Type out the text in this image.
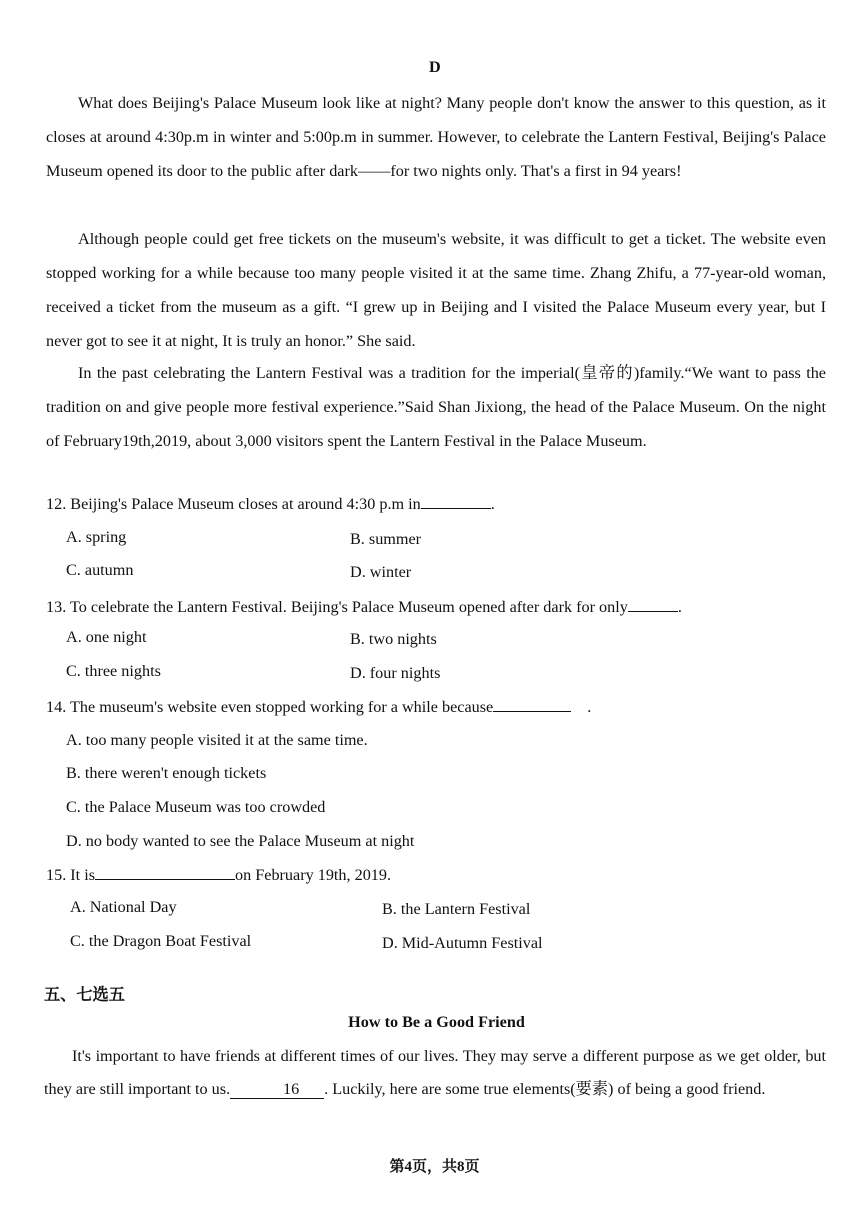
D
What does Beijing's Palace Museum look like at night? Many people don't know the answer to this question, as it closes at around 4:30p.m in winter and 5:00p.m in summer. However, to celebrate the Lantern Festival, Beijing's Palace Museum opened its door to the public after dark——for two nights only. That's a first in 94 years!
Although people could get free tickets on the museum's website, it was difficult to get a ticket. The website even stopped working for a while because too many people visited it at the same time. Zhang Zhifu, a 77-year-old woman, received a ticket from the museum as a gift. “I grew up in Beijing and I visited the Palace Museum every year, but I never got to see it at night, It is truly an honor.” She said.
In the past celebrating the Lantern Festival was a tradition for the imperial(皇帝的)family.“We want to pass the tradition on and give people more festival experience.”Said Shan Jixiong, the head of the Palace Museum. On the night of February19th,2019, about 3,000 visitors spent the Lantern Festival in the Palace Museum.
12. Beijing's Palace Museum closes at around 4:30 p.m in	.
A. spring	B. summer
C. autumn	D. winter
13. To celebrate the Lantern Festival. Beijing's Palace Museum opened after dark for only	.
A. one night	B. two nights
C. three nights	D. four nights
14. The museum's website even stopped working for a while because	.
A. too many people visited it at the same time.
B. there weren't enough tickets
C. the Palace Museum was too crowded
D. no body wanted to see the Palace Museum at night
15. It is	on February 19th, 2019.
A. National Day	B. the Lantern Festival
C. the Dragon Boat Festival	D. Mid-Autumn Festival
五、七选五
How to Be a Good Friend
It's important to have friends at different times of our lives. They may serve a different purpose as we get older, but they are still important to us.	16 . Luckily, here are some true elements(要素) of being a good friend.
第4页，共8页
